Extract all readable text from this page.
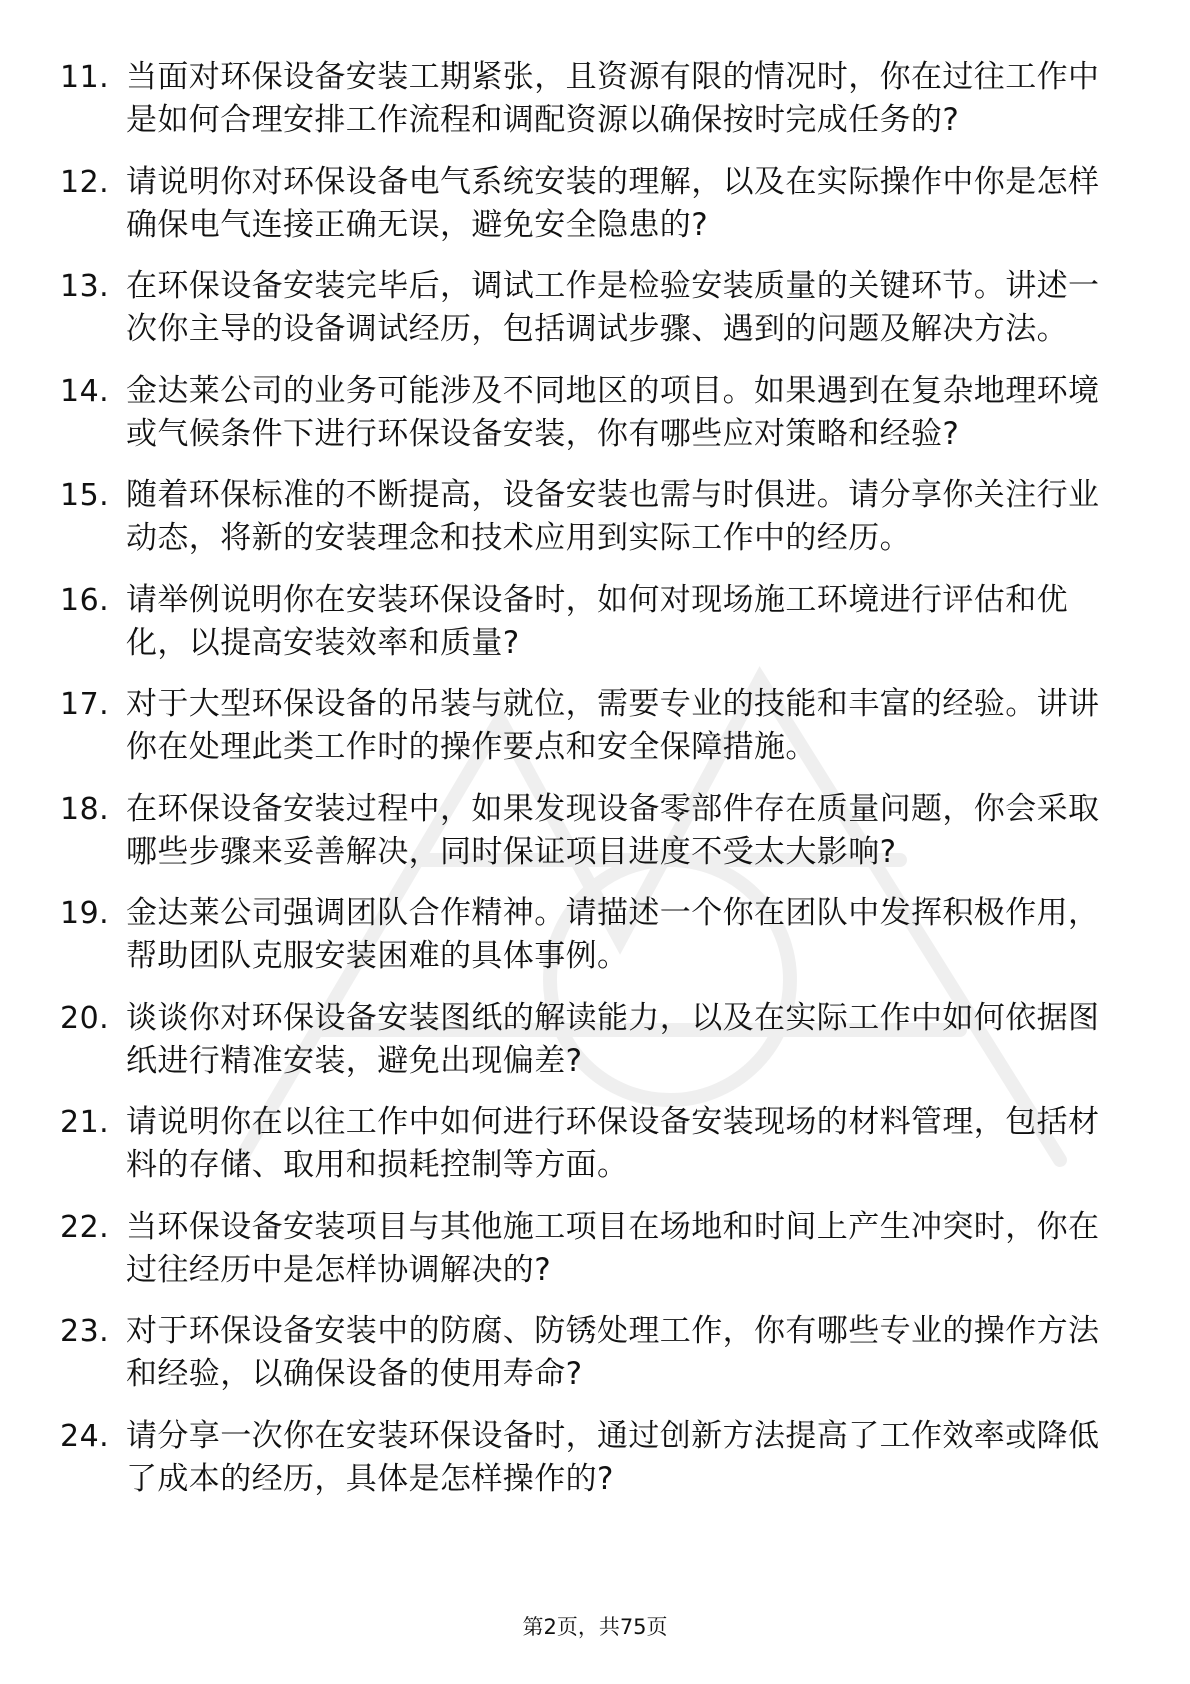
11. 当面对环保设备安装工期紧张，且资源有限的情况时，你在过往工作中是如何合理安排工作流程和调配资源以确保按时完成任务的?
12. 请说明你对环保设备电气系统安装的理解，以及在实际操作中你是怎样确保电气连接正确无误，避免安全隐患的?
13. 在环保设备安装完毕后，调试工作是检验安装质量的关键环节。讲述一次你主导的设备调试经历，包括调试步骤、遇到的问题及解决方法。
14. 金达莱公司的业务可能涉及不同地区的项目。如果遇到在复杂地理环境或气候条件下进行环保设备安装，你有哪些应对策略和经验?
15. 随着环保标准的不断提高，设备安装也需与时俱进。请分享你关注行业动态，将新的安装理念和技术应用到实际工作中的经历。
16. 请举例说明你在安装环保设备时，如何对现场施工环境进行评估和优化，以提高安装效率和质量?
17. 对于大型环保设备的吊装与就位，需要专业的技能和丰富的经验。讲讲你在处理此类工作时的操作要点和安全保障措施。
18. 在环保设备安装过程中，如果发现设备零部件存在质量问题，你会采取哪些步骤来妥善解决，同时保证项目进度不受太大影响?
19. 金达莱公司强调团队合作精神。请描述一个你在团队中发挥积极作用，帮助团队克服安装困难的具体事例。
20. 谈谈你对环保设备安装图纸的解读能力，以及在实际工作中如何依据图纸进行精准安装，避免出现偏差?
21. 请说明你在以往工作中如何进行环保设备安装现场的材料管理，包括材料的存储、取用和损耗控制等方面。
22. 当环保设备安装项目与其他施工项目在场地和时间上产生冲突时，你在过往经历中是怎样协调解决的?
23. 对于环保设备安装中的防腐、防锈处理工作，你有哪些专业的操作方法和经验，以确保设备的使用寿命?
24. 请分享一次你在安装环保设备时，通过创新方法提高了工作效率或降低了成本的经历，具体是怎样操作的?
第2页，共75页
